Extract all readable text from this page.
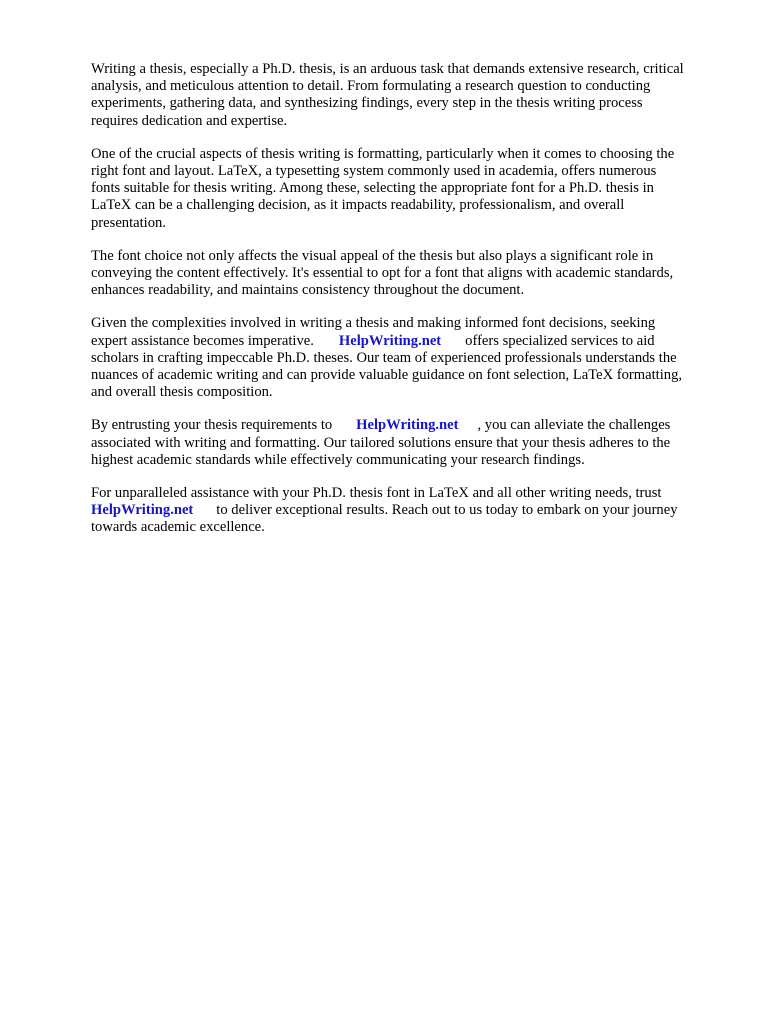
Writing a thesis, especially a Ph.D. thesis, is an arduous task that demands extensive research, critical
analysis, and meticulous attention to detail. From formulating a research question to conducting
experiments, gathering data, and synthesizing findings, every step in the thesis writing process
requires dedication and expertise.

One of the crucial aspects of thesis writing is formatting, particularly when it comes to choosing the
right font and layout. LaTeX, a typesetting system commonly used in academia, offers numerous
fonts suitable for thesis writing. Among these, selecting the appropriate font for a Ph.D. thesis in
LaTeX can be a challenging decision, as it impacts readability, professionalism, and overall
presentation.

The font choice not only affects the visual appeal of the thesis but also plays a significant role in
conveying the content effectively. It's essential to opt for a font that aligns with academic standards,
enhances readability, and maintains consistency throughout the document.

Given the complexities involved in writing a thesis and making informed font decisions, seeking
expert assistance becomes imperative. HelpWriting.net offers specialized services to aid
scholars in crafting impeccable Ph.D. theses. Our team of experienced professionals understands the
nuances of academic writing and can provide valuable guidance on font selection, LaTeX formatting,
and overall thesis composition.

By entrusting your thesis requirements to HelpWriting.net , you can alleviate the challenges
associated with writing and formatting. Our tailored solutions ensure that your thesis adheres to the
highest academic standards while effectively communicating your research findings.

For unparalleled assistance with your Ph.D. thesis font in LaTeX and all other writing needs, trust
HelpWriting.net to deliver exceptional results. Reach out to us today to embark on your journey
towards academic excellence.
